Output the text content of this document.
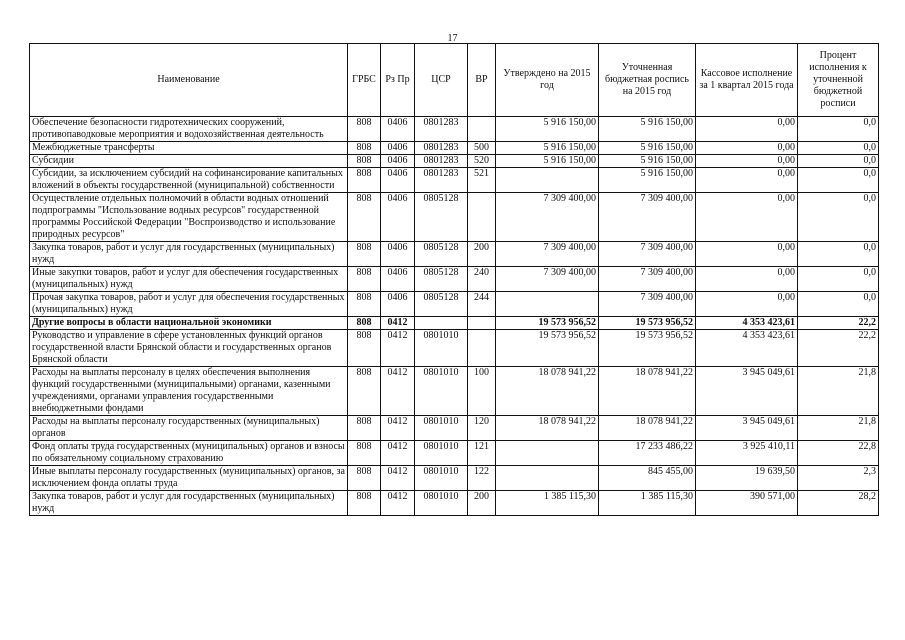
17
Наименование	ГРБС	Рз Пр	ЦСР	ВР	Утверждено на 2015 год	Уточненная бюджетная роспись на 2015 год	Кассовое исполнение за 1 квартал 2015 года	Процент исполнения к уточненной бюджетной росписи
Обеспечение безопасности гидротехнических сооружений, противопаводковые мероприятия и водохозяйственная деятельность	808	0406	0801283		5 916 150,00	5 916 150,00	0,00	0,0
Межбюджетные трансферты	808	0406	0801283	500	5 916 150,00	5 916 150,00	0,00	0,0
Субсидии	808	0406	0801283	520	5 916 150,00	5 916 150,00	0,00	0,0
Субсидии, за исключением субсидий на софинансирование капитальных вложений в объекты государственной (муниципальной) собственности	808	0406	0801283	521		5 916 150,00	0,00	0,0
Осуществление отдельных полномочий в области водных отношений подпрограммы "Использование водных ресурсов" государственной программы Российской Федерации "Воспроизводство и использование природных ресурсов"	808	0406	0805128		7 309 400,00	7 309 400,00	0,00	0,0
Закупка товаров, работ и услуг для государственных (муниципальных) нужд	808	0406	0805128	200	7 309 400,00	7 309 400,00	0,00	0,0
Иные закупки товаров, работ и услуг для обеспечения государственных (муниципальных) нужд	808	0406	0805128	240	7 309 400,00	7 309 400,00	0,00	0,0
Прочая закупка товаров, работ и услуг для обеспечения государственных (муниципальных) нужд	808	0406	0805128	244		7 309 400,00	0,00	0,0
Другие вопросы в области национальной экономики	808	0412			19 573 956,52	19 573 956,52	4 353 423,61	22,2
Руководство и управление в сфере установленных функций органов государственной власти Брянской области и государственных органов Брянской области	808	0412	0801010		19 573 956,52	19 573 956,52	4 353 423,61	22,2
Расходы на выплаты персоналу в целях обеспечения выполнения функций государственными (муниципальными) органами, казенными учреждениями, органами управления государственными внебюджетными фондами	808	0412	0801010	100	18 078 941,22	18 078 941,22	3 945 049,61	21,8
Расходы на выплаты персоналу государственных (муниципальных) органов	808	0412	0801010	120	18 078 941,22	18 078 941,22	3 945 049,61	21,8
Фонд оплаты труда государственных (муниципальных) органов и взносы по обязательному социальному страхованию	808	0412	0801010	121		17 233 486,22	3 925 410,11	22,8
Иные выплаты персоналу государственных (муниципальных) органов, за исключением фонда оплаты труда	808	0412	0801010	122		845 455,00	19 639,50	2,3
Закупка товаров, работ и услуг для государственных (муниципальных) нужд	808	0412	0801010	200	1 385 115,30	1 385 115,30	390 571,00	28,2
